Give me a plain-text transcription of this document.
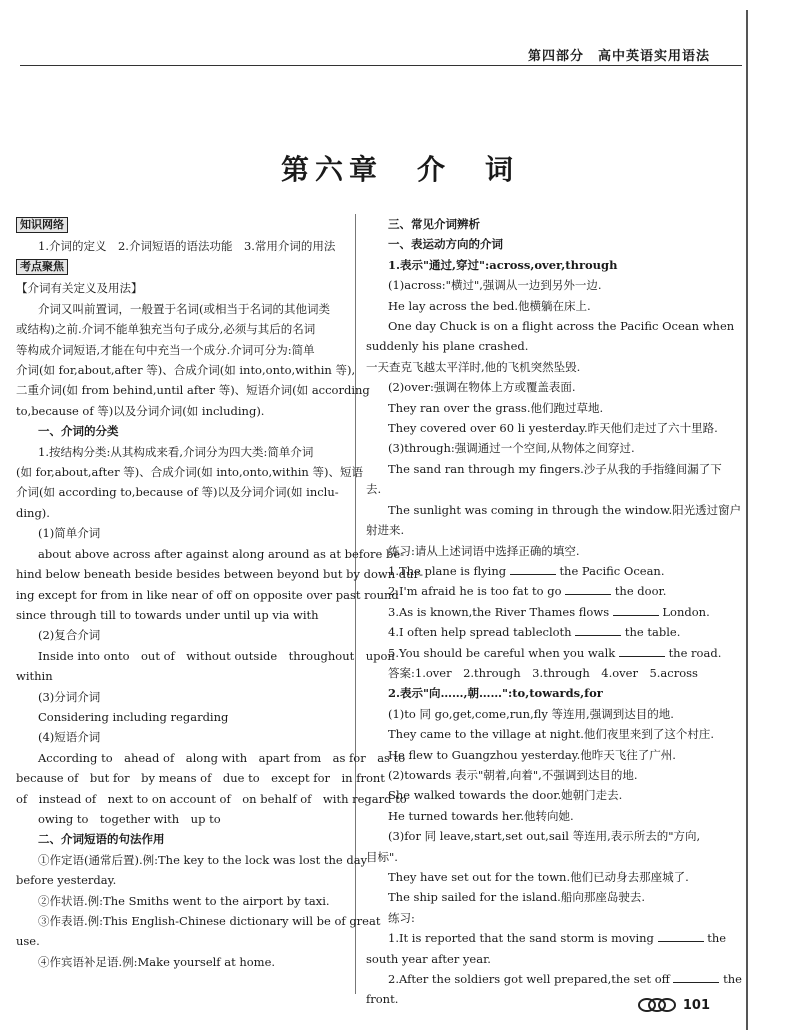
第四部分　高中英语实用语法
第六章　介　词
知识网络
1.介词的定义　2.介词短语的语法功能　3.常用介词的用法
考点聚焦
【介词有关定义及用法】
介词又叫前置词，一般置于名词(或相当于名词的其他词类
或结构)之前.介词不能单独充当句子成分,必须与其后的名词
等构成介词短语,才能在句中充当一个成分.介词可分为:简单
介词(如 for,about,after 等)、合成介词(如 into,onto,within 等),
二重介词(如 from behind,until after 等)、短语介词(如 according
to,because of 等)以及分词介词(如 including).
一、介词的分类
1.按结构分类:从其构成来看,介词分为四大类:简单介词
(如 for,about,after 等)、合成介词(如 into,onto,within 等)、短语
介词(如 according to,because of 等)以及分词介词(如 inclu-
ding).
(1)简单介词
about above across after against along around as at before be-
hind below beneath beside besides between beyond but by down dur-
ing except for from in like near of off on opposite over past round
since through till to towards under until up via with
(2)复合介词
Inside into onto　out of　without outside　throughout　upon
within
(3)分词介词
Considering including regarding
(4)短语介词
According to　ahead of　along with　apart from　as for　as to
because of　but for　by means of　due to　except for　in front
of　instead of　next to on account of　on behalf of　with regard to
owing to　together with　up to
二、介词短语的句法作用
①作定语(通常后置).例:The key to the lock was lost the day
before yesterday.
②作状语.例:The Smiths went to the airport by taxi.
③作表语.例:This English-Chinese dictionary will be of great
use.
④作宾语补足语.例:Make yourself at home.
三、常见介词辨析
一、表运动方向的介词
1.表示"通过,穿过":across,over,through
(1)across:"横过",强调从一边到另外一边.
He lay across the bed.他横躺在床上.
One day Chuck is on a flight across the Pacific Ocean when
suddenly his plane crashed.
一天查克飞越太平洋时,他的飞机突然坠毁.
(2)over:强调在物体上方或覆盖表面.
They ran over the grass.他们跑过草地.
They covered over 60 li yesterday.昨天他们走过了六十里路.
(3)through:强调通过一个空间,从物体之间穿过.
The sand ran through my fingers.沙子从我的手指缝间漏了下
去.
The sunlight was coming in through the window.阳光透过窗户
射进来.
练习:请从上述词语中选择正确的填空.
1.The plane is flying	the Pacific Ocean.
2.I'm afraid he is too fat to go	the door.
3.As is known,the River Thames flows	London.
4.I often help spread tablecloth	the table.
5.You should be careful when you walk	the road.
答案:1.over　2.through　3.through　4.over　5.across
2.表示"向……,朝……":to,towards,for
(1)to 同 go,get,come,run,fly 等连用,强调到达目的地.
They came to the village at night.他们夜里来到了这个村庄.
He flew to Guangzhou yesterday.他昨天飞往了广州.
(2)towards 表示"朝着,向着",不强调到达目的地.
She walked towards the door.她朝门走去.
He turned towards her.他转向她.
(3)for 同 leave,start,set out,sail 等连用,表示所去的"方向,
目标".
They have set out for the town.他们已动身去那座城了.
The ship sailed for the island.船向那座岛驶去.
练习:
1.It is reported that the sand storm is moving	the
south year after year.
2.After the soldiers got well prepared,the set off	the
front.	101
